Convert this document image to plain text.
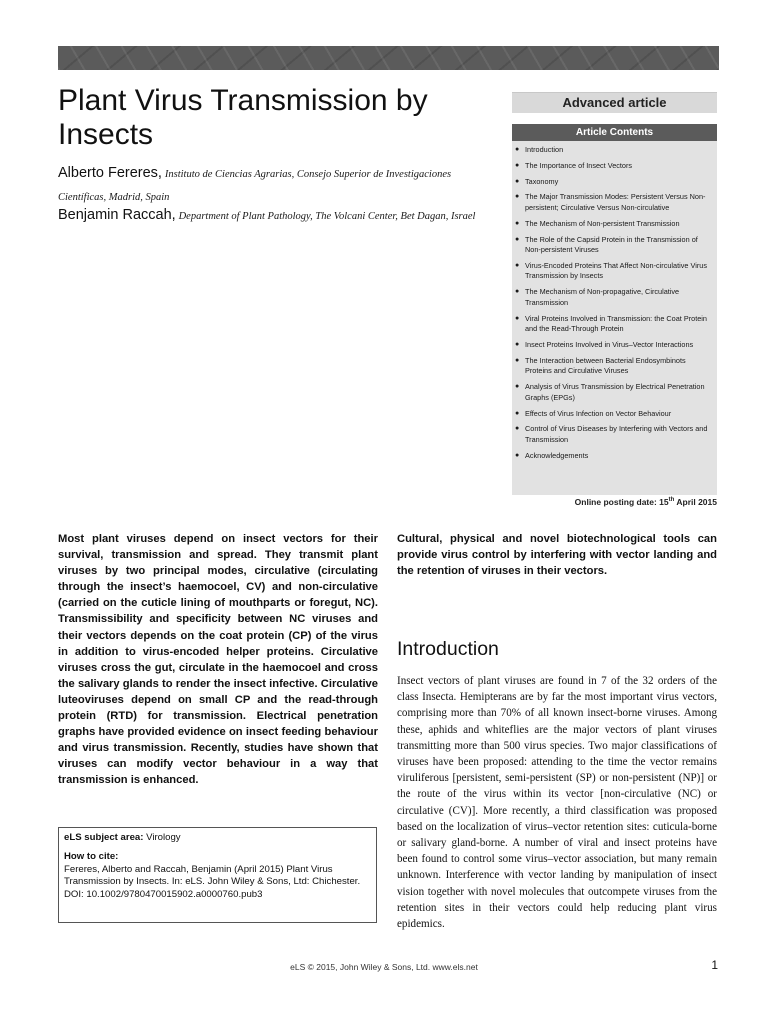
Plant Virus Transmission by Insects
Alberto Fereres, Instituto de Ciencias Agrarias, Consejo Superior de Investigaciones Científicas, Madrid, Spain
Benjamin Raccah, Department of Plant Pathology, The Volcani Center, Bet Dagan, Israel
Advanced article
Article Contents
● Introduction
● The Importance of Insect Vectors
● Taxonomy
● The Major Transmission Modes: Persistent Versus Non-persistent; Circulative Versus Non-circulative
● The Mechanism of Non-persistent Transmission
● The Role of the Capsid Protein in the Transmission of Non-persistent Viruses
● Virus-Encoded Proteins That Affect Non-circulative Virus Transmission by Insects
● The Mechanism of Non-propagative, Circulative Transmission
● Viral Proteins Involved in Transmission: the Coat Protein and the Read-Through Protein
● Insect Proteins Involved in Virus–Vector Interactions
● The Interaction between Bacterial Endosymbinots Proteins and Circulative Viruses
● Analysis of Virus Transmission by Electrical Penetration Graphs (EPGs)
● Effects of Virus Infection on Vector Behaviour
● Control of Virus Diseases by Interfering with Vectors and Transmission
● Acknowledgements
Online posting date: 15th April 2015
Most plant viruses depend on insect vectors for their survival, transmission and spread. They transmit plant viruses by two principal modes, circulative (circulating through the insect’s haemocoel, CV) and non-circulative (carried on the cuticle lining of mouthparts or foregut, NC). Transmissibility and specificity between NC viruses and their vectors depends on the coat protein (CP) of the virus in addition to virus-encoded helper proteins. Circulative viruses cross the gut, circulate in the haemocoel and cross the salivary glands to render the insect infective. Circulative luteoviruses depend on small CP and the read-through protein (RTD) for transmission. Electrical penetration graphs have provided evidence on insect feeding behaviour and virus transmission. Recently, studies have shown that viruses can modify vector behaviour in a way that transmission is enhanced.
Cultural, physical and novel biotechnological tools can provide virus control by interfering with vector landing and the retention of viruses in their vectors.
eLS subject area: Virology
How to cite:
Fereres, Alberto and Raccah, Benjamin (April 2015) Plant Virus Transmission by Insects. In: eLS. John Wiley & Sons, Ltd: Chichester.
DOI: 10.1002/9780470015902.a0000760.pub3
Introduction
Insect vectors of plant viruses are found in 7 of the 32 orders of the class Insecta. Hemipterans are by far the most important virus vectors, comprising more than 70% of all known insect-borne viruses. Among these, aphids and whiteflies are the major vectors of plant viruses transmitting more than 500 virus species. Two major classifications of viruses have been proposed: attending to the time the vector remains viruliferous [persistent, semi-persistent (SP) or non-persistent (NP)] or the route of the virus within its vector [non-circulative (NC) or circulative (CV)]. More recently, a third classification was proposed based on the localization of virus–vector retention sites: cuticula-borne or salivary gland-borne. A number of viral and insect proteins have been found to control some virus–vector association, but many remain unknown. Interference with vector landing by manipulation of insect vision together with novel molecules that outcompete viruses from the retention sites in their vectors could help reducing plant virus epidemics.
eLS © 2015, John Wiley & Sons, Ltd. www.els.net	1
